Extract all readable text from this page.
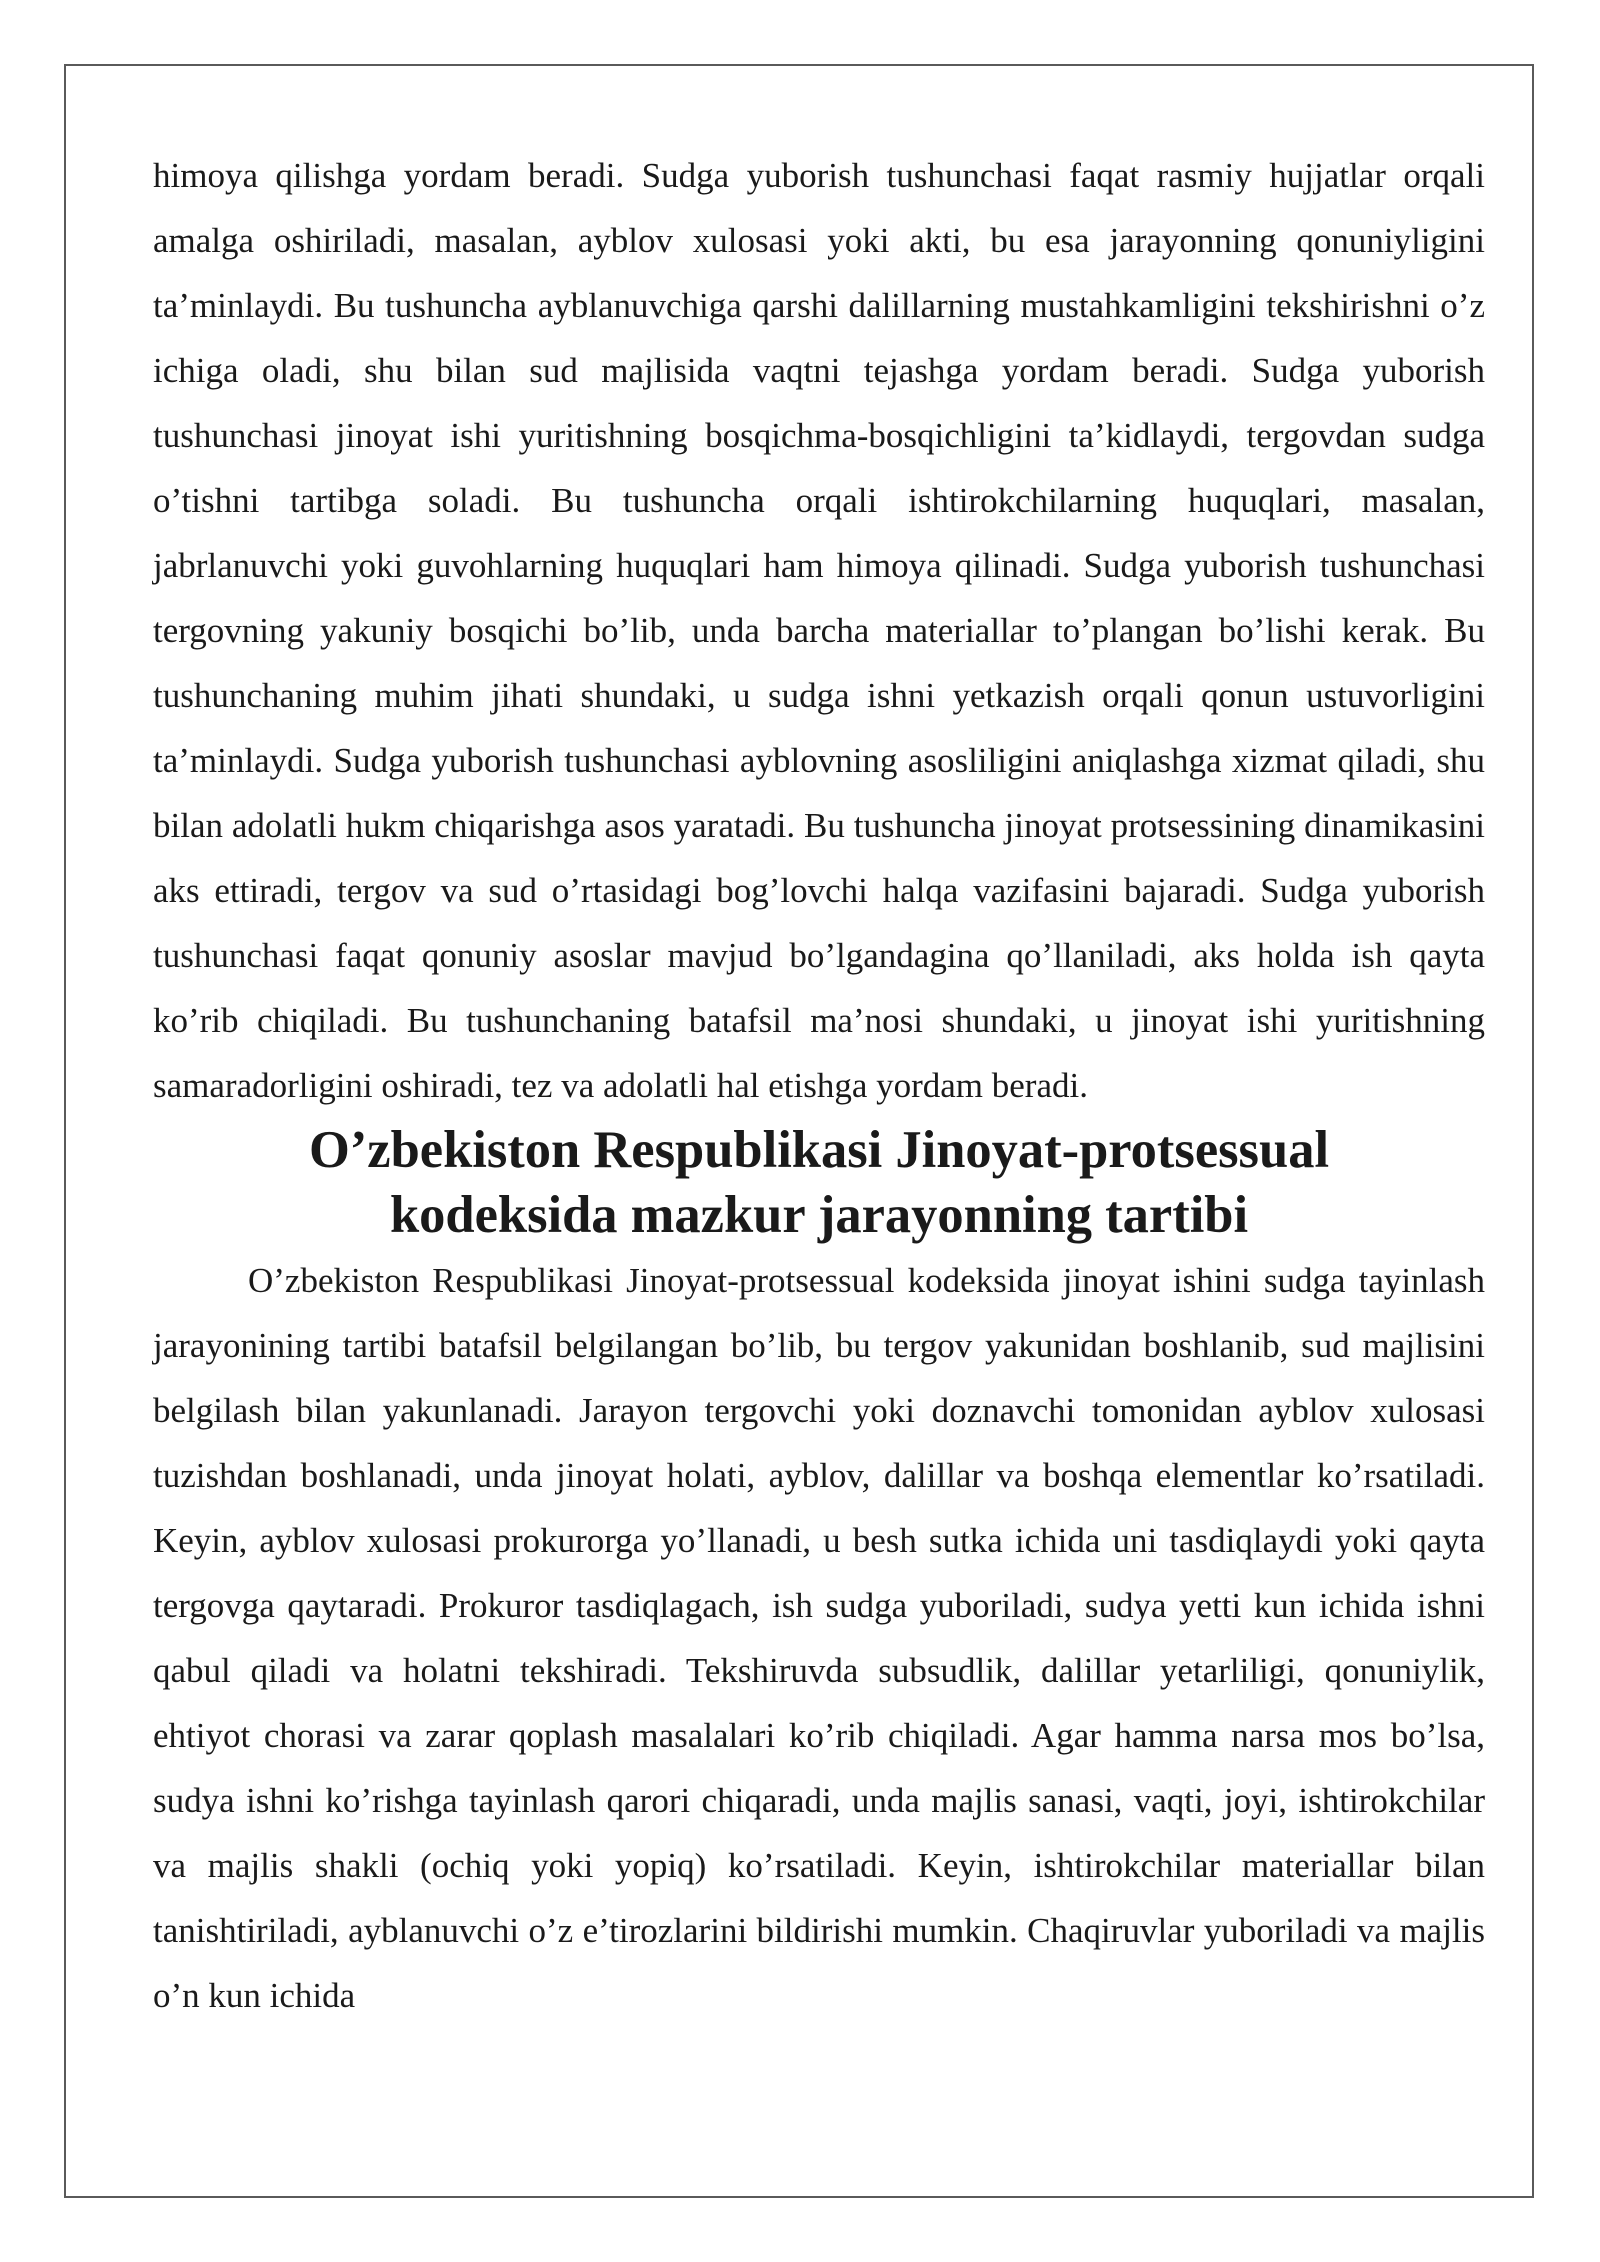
himoya qilishga yordam beradi. Sudga yuborish tushunchasi faqat rasmiy hujjatlar orqali amalga oshiriladi, masalan, ayblov xulosasi yoki akti, bu esa jarayonning qonuniyligini ta’minlaydi. Bu tushuncha ayblanuvchiga qarshi dalillarning mustahkamligini tekshirishni o’z ichiga oladi, shu bilan sud majlisida vaqtni tejashga yordam beradi. Sudga yuborish tushunchasi jinoyat ishi yuritishning bosqichma-bosqichligini ta’kidlaydi, tergovdan sudga o’tishni tartibga soladi. Bu tushuncha orqali ishtirokchilarning huquqlari, masalan, jabrlanuvchi yoki guvohlarning huquqlari ham himoya qilinadi. Sudga yuborish tushunchasi tergovning yakuniy bosqichi bo’lib, unda barcha materiallar to’plangan bo’lishi kerak. Bu tushunchaning muhim jihati shundaki, u sudga ishni yetkazish orqali qonun ustuvorligini ta’minlaydi. Sudga yuborish tushunchasi ayblovning asosliligini aniqlashga xizmat qiladi, shu bilan adolatli hukm chiqarishga asos yaratadi. Bu tushuncha jinoyat protsessining dinamikasini aks ettiradi, tergov va sud o’rtasidagi bog’lovchi halqa vazifasini bajaradi. Sudga yuborish tushunchasi faqat qonuniy asoslar mavjud bo’lgandagina qo’llaniladi, aks holda ish qayta ko’rib chiqiladi. Bu tushunchaning batafsil ma’nosi shundaki, u jinoyat ishi yuritishning samaradorligini oshiradi, tez va adolatli hal etishga yordam beradi.

O’zbekiston Respublikasi Jinoyat-protsessual kodeksida mazkur jarayonning tartibi

O’zbekiston Respublikasi Jinoyat-protsessual kodeksida jinoyat ishini sudga tayinlash jarayonining tartibi batafsil belgilangan bo’lib, bu tergov yakunidan boshlanib, sud majlisini belgilash bilan yakunlanadi. Jarayon tergovchi yoki doznavchi tomonidan ayblov xulosasi tuzishdan boshlanadi, unda jinoyat holati, ayblov, dalillar va boshqa elementlar ko’rsatiladi. Keyin, ayblov xulosasi prokurorga yo’llanadi, u besh sutka ichida uni tasdiqlaydi yoki qayta tergovga qaytaradi. Prokuror tasdiqlagach, ish sudga yuboriladi, sudya yetti kun ichida ishni qabul qiladi va holatni tekshiradi. Tekshiruvda subsudlik, dalillar yetarliligi, qonuniylik, ehtiyot chorasi va zarar qoplash masalalari ko’rib chiqiladi. Agar hamma narsa mos bo’lsa, sudya ishni ko’rishga tayinlash qarori chiqaradi, unda majlis sanasi, vaqti, joyi, ishtirokchilar va majlis shakli (ochiq yoki yopiq) ko’rsatiladi. Keyin, ishtirokchilar materiallar bilan tanishtiriladi, ayblanuvchi o’z e’tirozlarini bildirishi mumkin. Chaqiruvlar yuboriladi va majlis o’n kun ichida
